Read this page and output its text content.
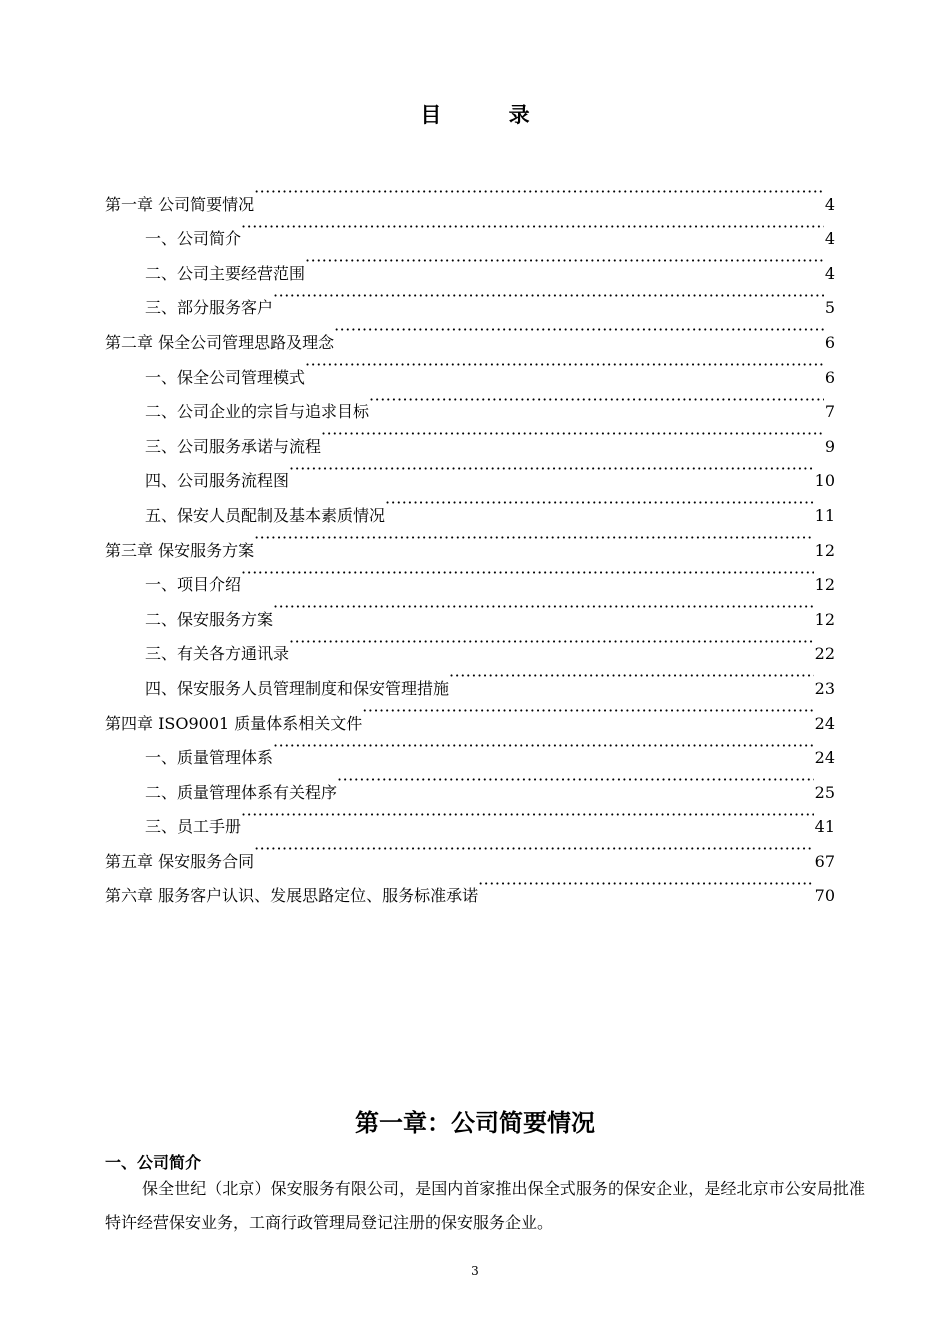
目 录
第一章 公司简要情况 ·····	4
一、公司简介 ·····	4
二、公司主要经营范围 ·····	4
三、部分服务客户 ·····	5
第二章 保全公司管理思路及理念 ·····	6
一、保全公司管理模式 ·····	6
二、公司企业的宗旨与追求目标 ·····	7
三、公司服务承诺与流程 ·····	9
四、公司服务流程图 ·····	10
五、保安人员配制及基本素质情况 ·····	11
第三章 保安服务方案 ·····	12
一、项目介绍 ·····	12
二、保安服务方案 ·····	12
三、有关各方通讯录 ·····	22
四、保安服务人员管理制度和保安管理措施 ·····	23
第四章 ISO9001 质量体系相关文件 ·····	24
一、质量管理体系 ·····	24
二、质量管理体系有关程序 ·····	25
三、员工手册 ·····	41
第五章 保安服务合同 ·····	67
第六章 服务客户认识、发展思路定位、服务标准承诺 ·····	70
第一章：公司简要情况
一、公司简介
保全世纪（北京）保安服务有限公司，是国内首家推出保全式服务的保安企业，是经北京市公安局批准特许经营保安业务，工商行政管理局登记注册的保安服务企业。
3
